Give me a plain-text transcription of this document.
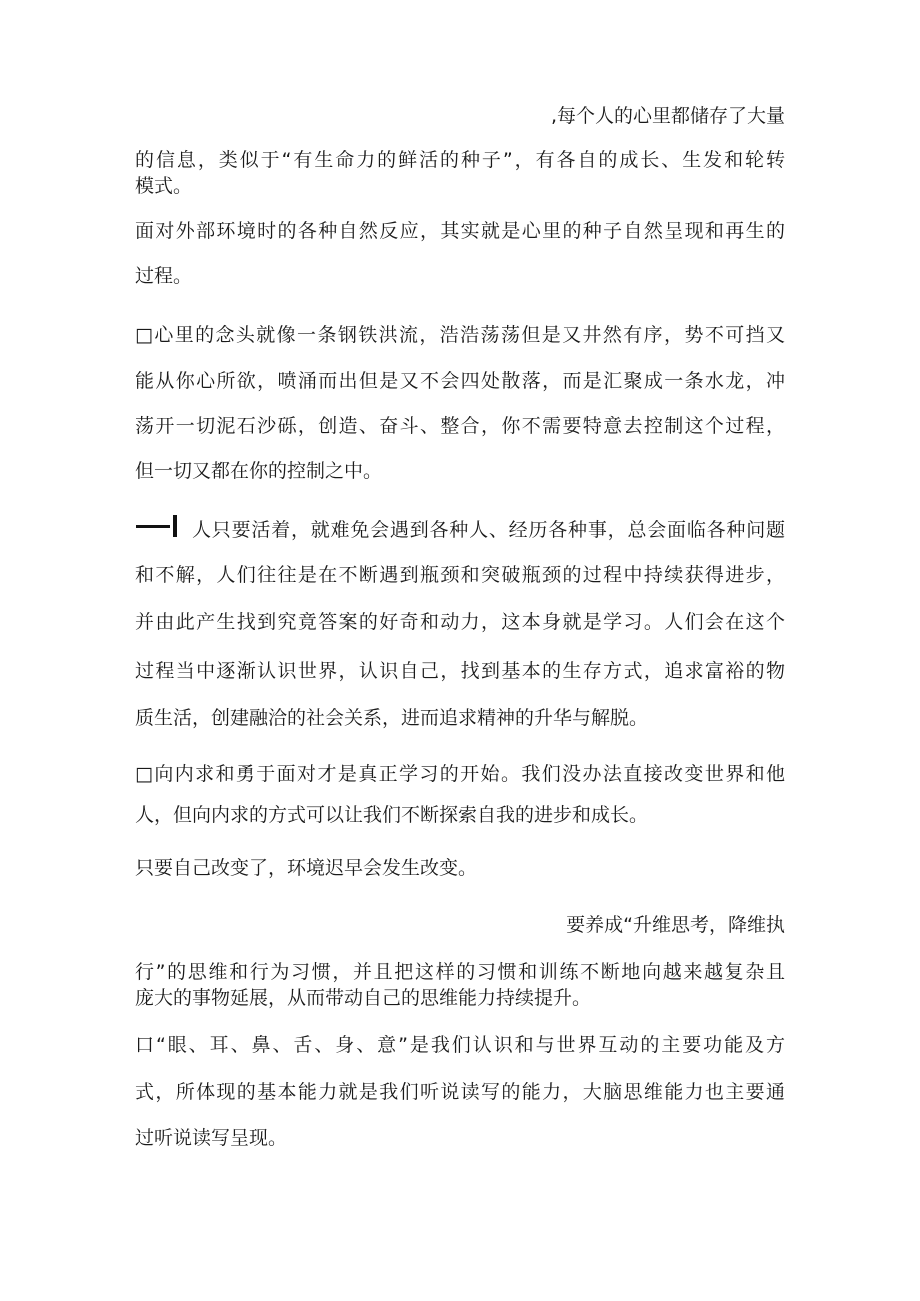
,每个人的心里都储存了大量
的信息，类似于“有生命力的鲜活的种子”，有各自的成长、生发和轮转
模式。
面对外部环境时的各种自然反应，其实就是心里的种子自然呈现和再生的
过程。
□心里的念头就像一条钢铁洪流，浩浩荡荡但是又井然有序，势不可挡又
能从你心所欲，喷涌而出但是又不会四处散落，而是汇聚成一条水龙，冲
荡开一切泥石沙砾，创造、奋斗、整合，你不需要特意去控制这个过程，
但一切又都在你的控制之中。
人只要活着，就难免会遇到各种人、经历各种事，总会面临各种问题
和不解，人们往往是在不断遇到瓶颈和突破瓶颈的过程中持续获得进步，
并由此产生找到究竟答案的好奇和动力，这本身就是学习。人们会在这个
过程当中逐渐认识世界，认识自己，找到基本的生存方式，追求富裕的物
质生活，创建融洽的社会关系，进而追求精神的升华与解脱。
□向内求和勇于面对才是真正学习的开始。我们没办法直接改变世界和他
人，但向内求的方式可以让我们不断探索自我的进步和成长。
只要自己改变了，环境迟早会发生改变。
要养成“升维思考，降维执
行”的思维和行为习惯，并且把这样的习惯和训练不断地向越来越复杂且
庞大的事物延展，从而带动自己的思维能力持续提升。
口“眼、耳、鼻、舌、身、意”是我们认识和与世界互动的主要功能及方
式，所体现的基本能力就是我们听说读写的能力，大脑思维能力也主要通
过听说读写呈现。
